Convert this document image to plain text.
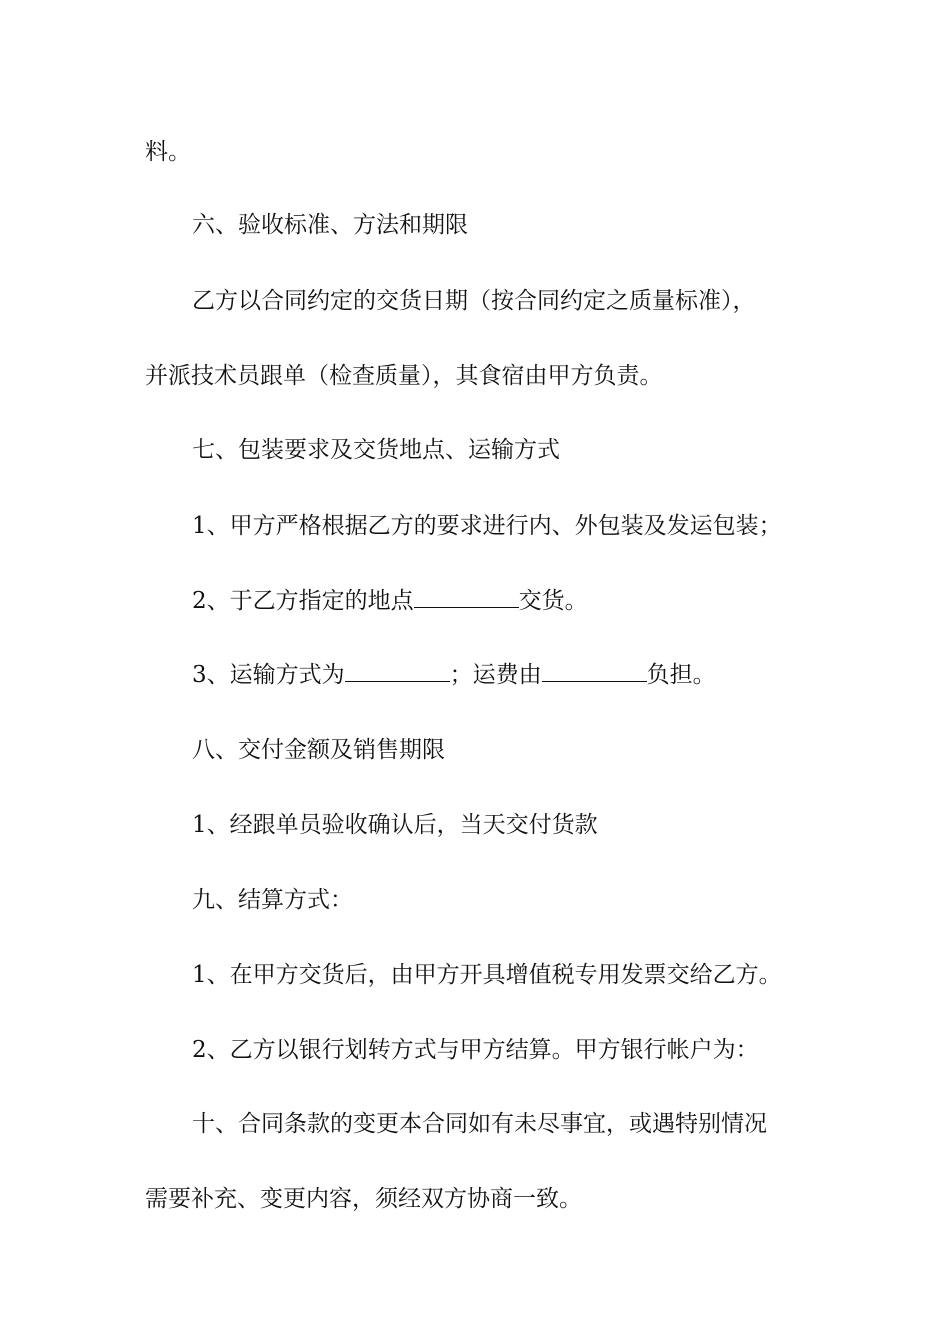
料。
六、验收标准、方法和期限
乙方以合同约定的交货日期（按合同约定之质量标准），
并派技术员跟单（检查质量），其食宿由甲方负责。
七、包装要求及交货地点、运输方式
1、甲方严格根据乙方的要求进行内、外包装及发运包装；
2、于乙方指定的地点	交货。
3、运输方式为	；运费由	负担。
八、交付金额及销售期限
1、经跟单员验收确认后，当天交付货款
九、结算方式：
1、在甲方交货后，由甲方开具增值税专用发票交给乙方。
2、乙方以银行划转方式与甲方结算。甲方银行帐户为：
十、合同条款的变更本合同如有未尽事宜，或遇特别情况
需要补充、变更内容，须经双方协商一致。
